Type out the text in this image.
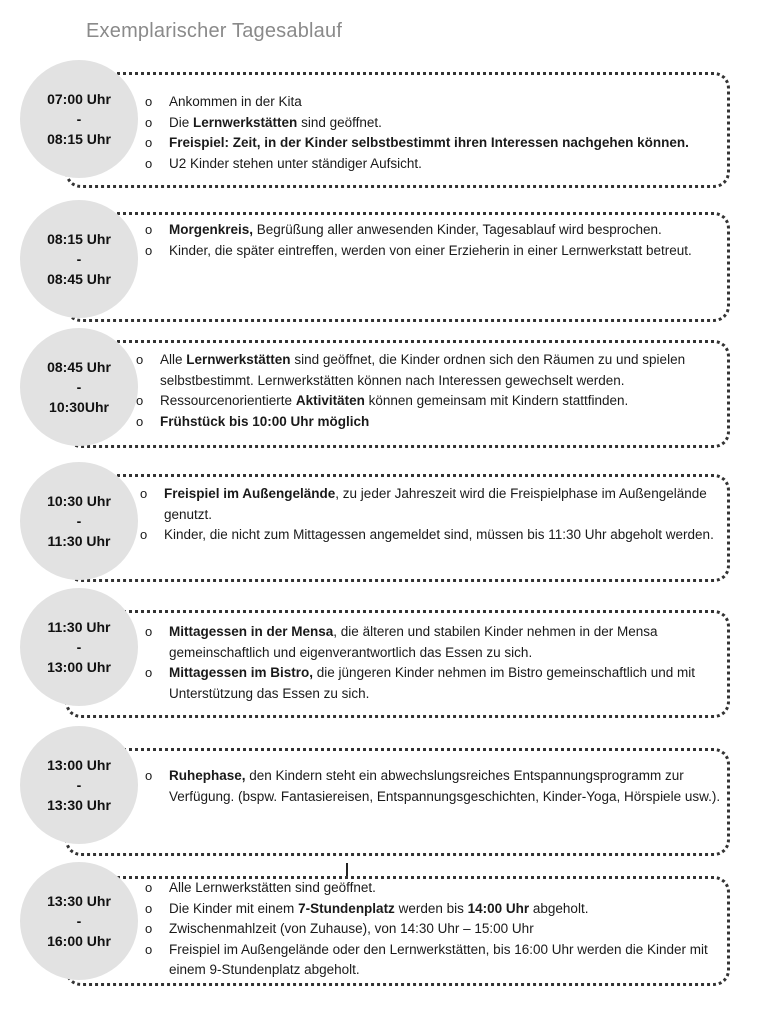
Exemplarischer Tagesablauf
07:00 Uhr
-
08:15 Uhr
o Ankommen in der Kita
o Die Lernwerkstätten sind geöffnet.
o Freispiel: Zeit, in der Kinder selbstbestimmt ihren Interessen nachgehen können.
o U2 Kinder stehen unter ständiger Aufsicht.
08:15 Uhr
-
08:45 Uhr
o Morgenkreis, Begrüßung aller anwesenden Kinder, Tagesablauf wird besprochen.
o Kinder, die später eintreffen, werden von einer Erzieherin in einer Lernwerkstatt betreut.
08:45 Uhr
-
10:30Uhr
o Alle Lernwerkstätten sind geöffnet, die Kinder ordnen sich den Räumen zu und spielen selbstbestimmt. Lernwerkstätten können nach Interessen gewechselt werden.
o Ressourcenorientierte Aktivitäten können gemeinsam mit Kindern stattfinden.
o Frühstück bis 10:00 Uhr möglich
10:30 Uhr
-
11:30 Uhr
o Freispiel im Außengelände, zu jeder Jahreszeit wird die Freispielphase im Außengelände genutzt.
o Kinder, die nicht zum Mittagessen angemeldet sind, müssen bis 11:30 Uhr abgeholt werden.
11:30 Uhr
-
13:00 Uhr
o Mittagessen in der Mensa, die älteren und stabilen Kinder nehmen in der Mensa gemeinschaftlich und eigenverantwortlich das Essen zu sich.
o Mittagessen im Bistro, die jüngeren Kinder nehmen im Bistro gemeinschaftlich und mit Unterstützung das Essen zu sich.
13:00 Uhr
-
13:30 Uhr
o Ruhephase, den Kindern steht ein abwechslungsreiches Entspannungsprogramm zur Verfügung. (bspw. Fantasiereisen, Entspannungsgeschichten, Kinder-Yoga, Hörspiele usw.).
13:30 Uhr
-
16:00 Uhr
o Alle Lernwerkstätten sind geöffnet.
o Die Kinder mit einem 7-Stundenplatz werden bis 14:00 Uhr abgeholt.
o Zwischenmahlzeit (von Zuhause), von 14:30 Uhr – 15:00 Uhr
o Freispiel im Außengelände oder den Lernwerkstätten, bis 16:00 Uhr werden die Kinder mit einem 9-Stundenplatz abgeholt.
